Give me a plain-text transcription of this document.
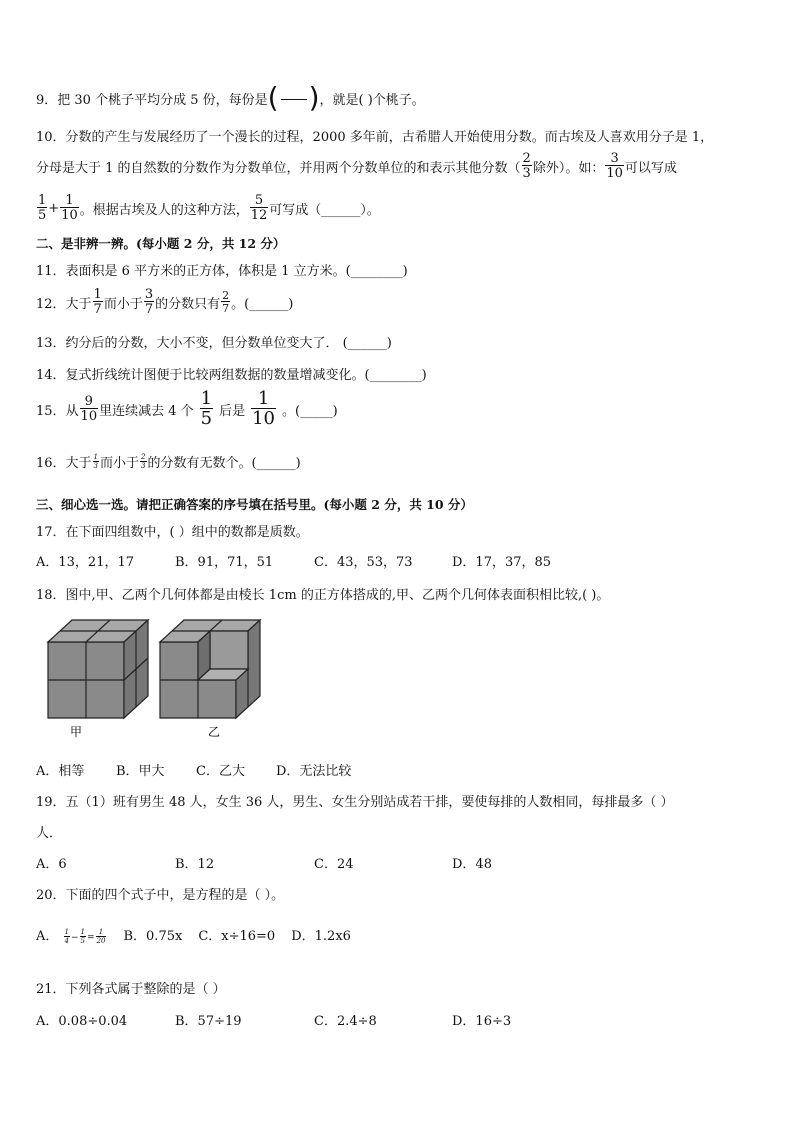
9．把 30 个桃子平均分成 5 份，每份是 ( ) ，就是( )个桃子。
10．分数的产生与发展经历了一个漫长的过程，2000 多年前，古希腊人开始使用分数。而古埃及人喜欢用分子是 1，
分母是大于 1 的自然数的分数作为分数单位，并用两个分数单位的和表示其他分数（
2
3 除外）。如：
3
10 可以写成
1
$5 + \frac{1}{10}$ 。根据古埃及人的这种方法，
5
12 可写成（______）。
二、是非辨一辨。(每小题 2 分，共 12 分）
11．表面积是 6 平方米的正方体，体积是 1 立方米。(________)
12．大于
1
7 而小于
3
7 的分数只有
2
7 。(______)
13．约分后的分数，大小不变，但分数单位变大了． (______)
14．复式折线统计图便于比较两组数据的数量增减变化。(________)
15．从
9
10 里连续减去 4 个
1
5 后是
1
10 。(_____)
16．大于 1
3 而小于 2
3 的分数有无数个。(______)
三、细心选一选。请把正确答案的序号填在括号里。(每小题 2 分，共 10 分）
17．在下面四组数中，( ）组中的数都是质数。
A．13，21，17	B．91，71，51	C．43，53，73	D．17，37，85
18．图中,甲、乙两个几何体都是由棱长 1cm 的正方体搭成的,甲、乙两个几何体表面积相比较,( )。
甲	乙
A．相等 B．甲大 C．乙大 D．无法比较
19．五（1）班有男生 48 人，女生 36 人，男生、女生分别站成若干排，要使每排的人数相同，每排最多（ ）
人．
A．6	B．12	C．24	D．48
20．下面的四个式子中，是方程的是（ ）。
A． $\frac{1}{4} - \frac{1}{5} = \frac{1}{20}$ B．0.75x C．x÷16=0 D．1.2x6
21．下列各式属于整除的是（ ）
A．0.08÷0.04	B．57÷19	C．2.4÷8	D．16÷3
